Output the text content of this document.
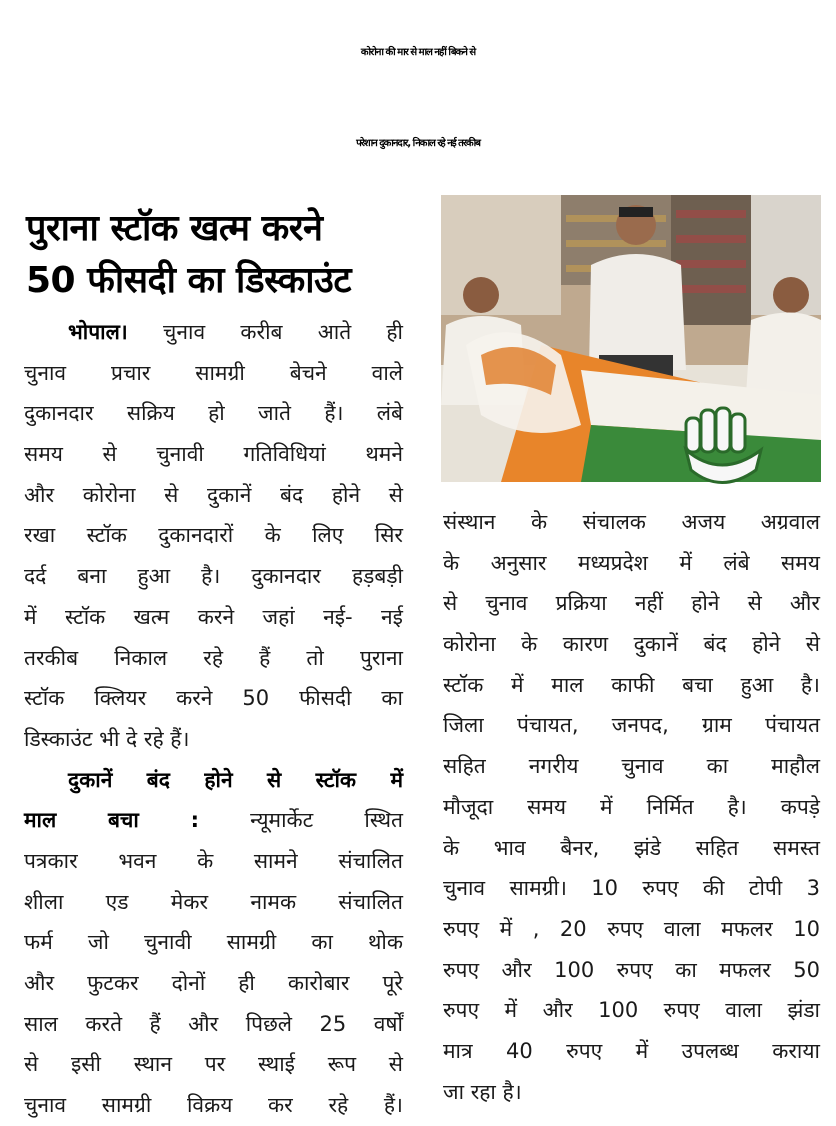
कोरोना की मार से माल नहीं बिकने से
परेशान दुकानदार, निकाल रहे नई तरकीब
पुराना स्टॉक खत्म करने
50 फीसदी का डिस्काउंट
भोपाल। चुनाव करीब आते ही
चुनाव प्रचार सामग्री बेचने वाले
दुकानदार सक्रिय हो जाते हैं। लंबे
समय से चुनावी गतिविधियां थमने
और कोरोना से दुकानें बंद होने से
रखा स्टॉक दुकानदारों के लिए सिर
दर्द बना हुआ है। दुकानदार हड़बड़ी
में स्टॉक खत्म करने जहां नई- नई
तरकीब निकाल रहे हैं तो पुराना
स्टॉक क्लियर करने 50 फीसदी का
डिस्काउंट भी दे रहे हैं।
दुकानें बंद होने से स्टॉक में
माल बचा : न्यूमार्केट स्थित
पत्रकार भवन के सामने संचालित
शीला एड मेकर नामक संचालित
फर्म जो चुनावी सामग्री का थोक
और फुटकर दोनों ही कारोबार पूरे
साल करते हैं और पिछले 25 वर्षों
से इसी स्थान पर स्थाई रूप से
चुनाव सामग्री विक्रय कर रहे हैं।
संस्थान के संचालक अजय अग्रवाल
के अनुसार मध्यप्रदेश में लंबे समय
से चुनाव प्रक्रिया नहीं होने से और
कोरोना के कारण दुकानें बंद होने से
स्टॉक में माल काफी बचा हुआ है।
जिला पंचायत, जनपद, ग्राम पंचायत
सहित नगरीय चुनाव का माहौल
मौजूदा समय में निर्मित है। कपड़े
के भाव बैनर, झंडे सहित समस्त
चुनाव सामग्री। 10 रुपए की टोपी 3
रुपए में , 20 रुपए वाला मफलर 10
रुपए और 100 रुपए का मफलर 50
रुपए में और 100 रुपए वाला झंडा
मात्र 40 रुपए में उपलब्ध कराया
जा रहा है।
